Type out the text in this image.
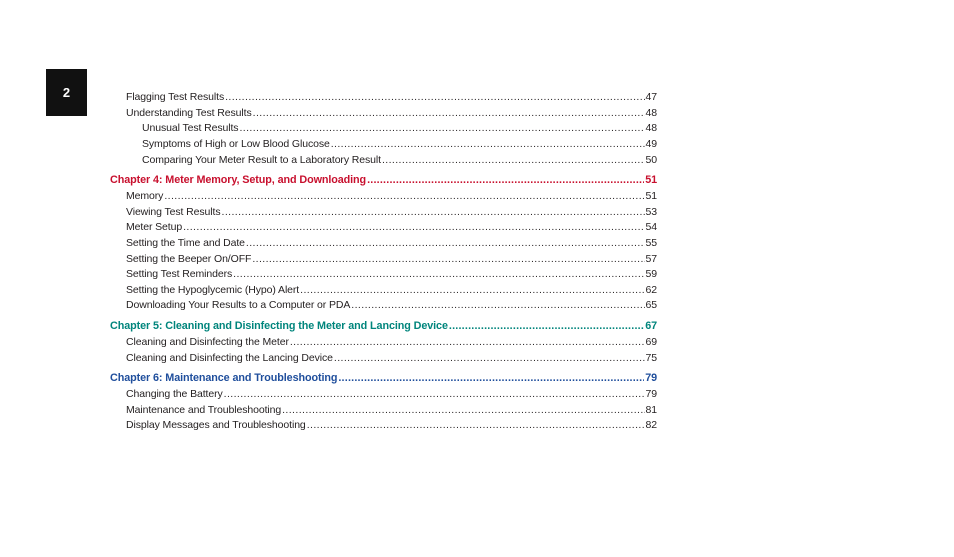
2	Flagging Test Results .....	47
Understanding Test Results .....	48
Unusual Test Results .....	48
Symptoms of High or Low Blood Glucose .....	49
Comparing Your Meter Result to a Laboratory Result .....	50
Chapter 4: Meter Memory, Setup, and Downloading .....	51
Memory .....	51
Viewing Test Results .....	53
Meter Setup .....	54
Setting the Time and Date .....	55
Setting the Beeper On/OFF .....	57
Setting Test Reminders .....	59
Setting the Hypoglycemic (Hypo) Alert .....	62
Downloading Your Results to a Computer or PDA .....	65
Chapter 5: Cleaning and Disinfecting the Meter and Lancing Device .....	67
Cleaning and Disinfecting the Meter .....	69
Cleaning and Disinfecting the Lancing Device .....	75
Chapter 6: Maintenance and Troubleshooting .....	79
Changing the Battery .....	79
Maintenance and Troubleshooting .....	81
Display Messages and Troubleshooting .....	82
